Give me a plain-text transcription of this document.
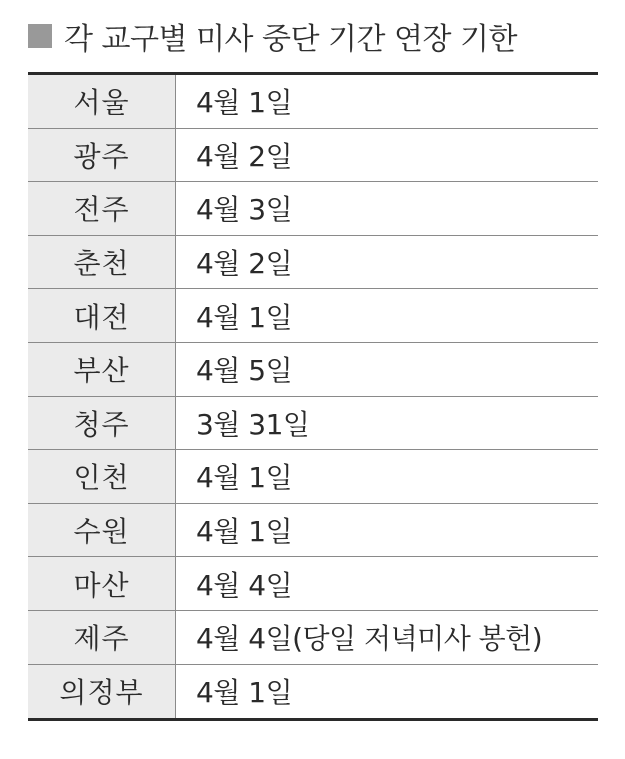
각 교구별 미사 중단 기간 연장 기한
서울	4월 1일
광주	4월 2일
전주	4월 3일
춘천	4월 2일
대전	4월 1일
부산	4월 5일
청주	3월 31일
인천	4월 1일
수원	4월 1일
마산	4월 4일
제주	4월 4일(당일 저녁미사 봉헌)
의정부	4월 1일
